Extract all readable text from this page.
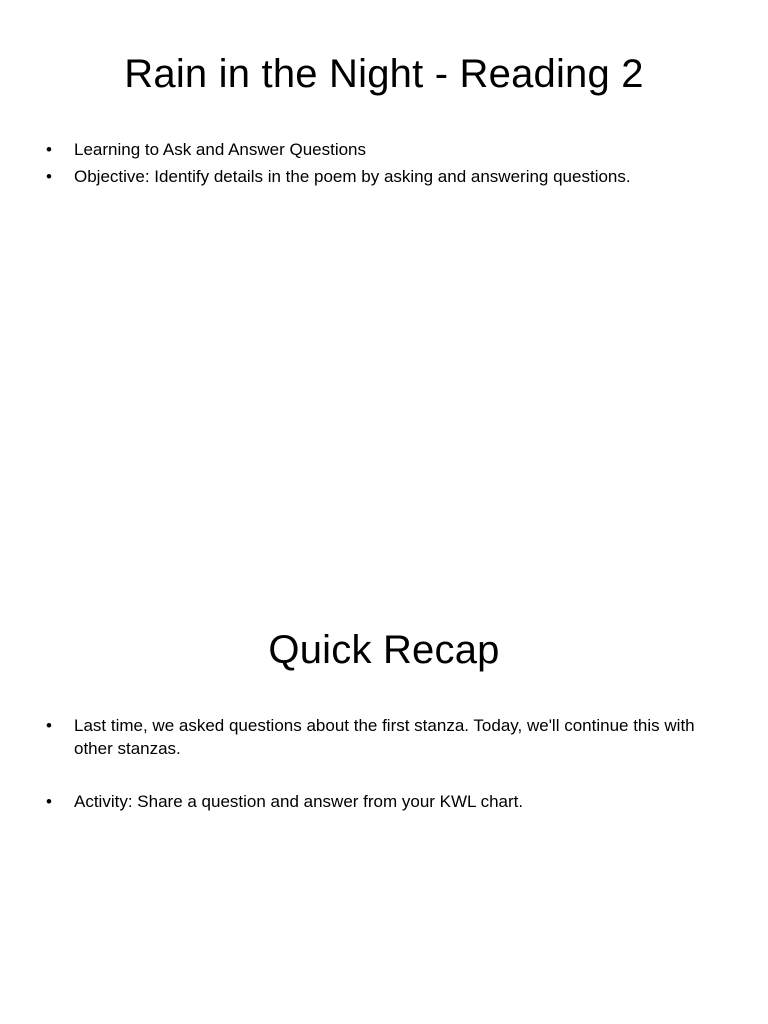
Rain in the Night - Reading 2
• Learning to Ask and Answer Questions
• Objective: Identify details in the poem by asking and answering questions.
Quick Recap
• Last time, we asked questions about the first stanza. Today, we'll continue this with other stanzas.
• Activity: Share a question and answer from your KWL chart.
